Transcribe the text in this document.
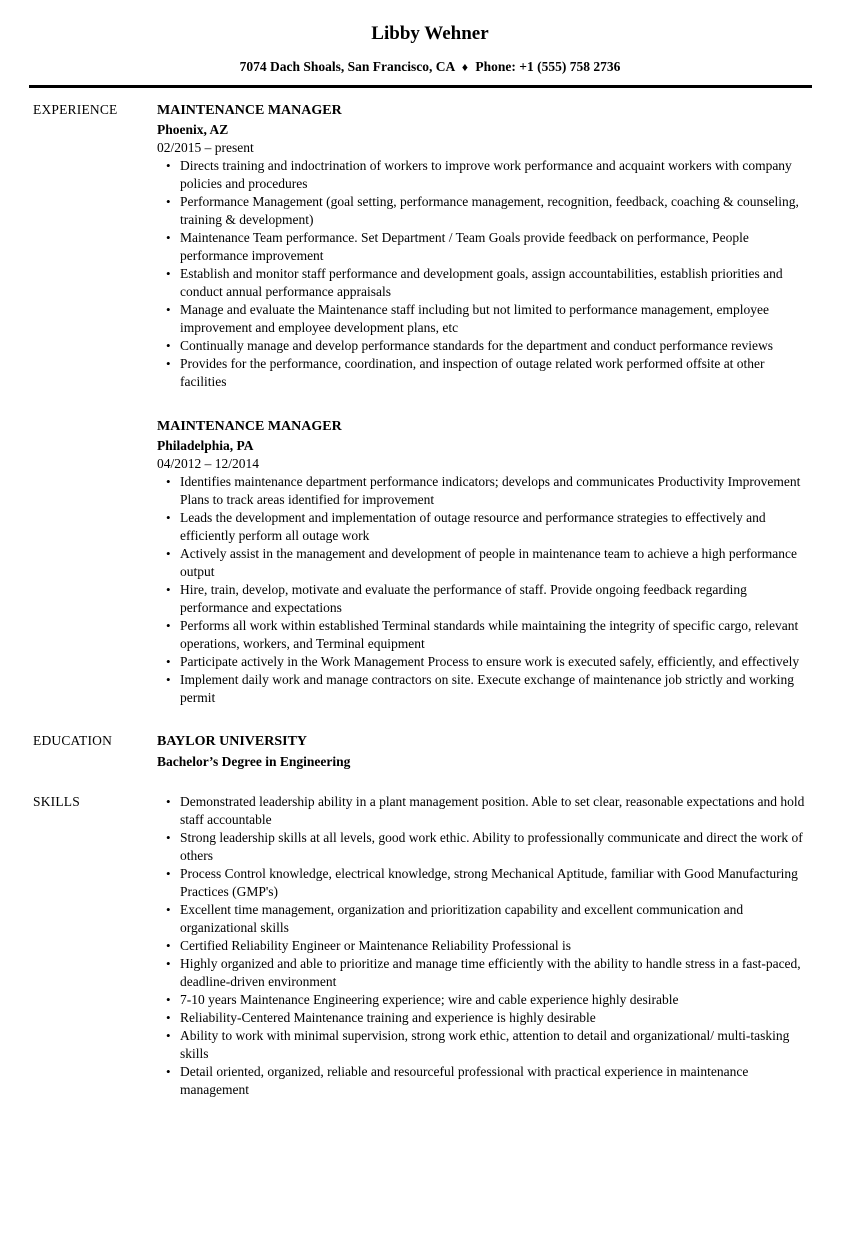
Libby Wehner
7074 Dach Shoals, San Francisco, CA ♦ Phone: +1 (555) 758 2736
EXPERIENCE	MAINTENANCE MANAGER
Phoenix, AZ
02/2015 – present
• Directs training and indoctrination of workers to improve work performance and acquaint workers with company policies and procedures
• Performance Management (goal setting, performance management, recognition, feedback, coaching & counseling, training & development)
• Maintenance Team performance. Set Department / Team Goals provide feedback on performance, People performance improvement
• Establish and monitor staff performance and development goals, assign accountabilities, establish priorities and conduct annual performance appraisals
• Manage and evaluate the Maintenance staff including but not limited to performance management, employee improvement and employee development plans, etc
• Continually manage and develop performance standards for the department and conduct performance reviews
• Provides for the performance, coordination, and inspection of outage related work performed offsite at other facilities
MAINTENANCE MANAGER
Philadelphia, PA
04/2012 – 12/2014
• Identifies maintenance department performance indicators; develops and communicates Productivity Improvement Plans to track areas identified for improvement
• Leads the development and implementation of outage resource and performance strategies to effectively and efficiently perform all outage work
• Actively assist in the management and development of people in maintenance team to achieve a high performance output
• Hire, train, develop, motivate and evaluate the performance of staff. Provide ongoing feedback regarding performance and expectations
• Performs all work within established Terminal standards while maintaining the integrity of specific cargo, relevant operations, workers, and Terminal equipment
• Participate actively in the Work Management Process to ensure work is executed safely, efficiently, and effectively
• Implement daily work and manage contractors on site. Execute exchange of maintenance job strictly and working permit
EDUCATION	BAYLOR UNIVERSITY
Bachelor’s Degree in Engineering
SKILLS	• Demonstrated leadership ability in a plant management position. Able to set clear, reasonable expectations and hold staff accountable
• Strong leadership skills at all levels, good work ethic. Ability to professionally communicate and direct the work of others
• Process Control knowledge, electrical knowledge, strong Mechanical Aptitude, familiar with Good Manufacturing Practices (GMP's)
• Excellent time management, organization and prioritization capability and excellent communication and organizational skills
• Certified Reliability Engineer or Maintenance Reliability Professional is
• Highly organized and able to prioritize and manage time efficiently with the ability to handle stress in a fast-paced, deadline-driven environment
• 7-10 years Maintenance Engineering experience; wire and cable experience highly desirable
• Reliability-Centered Maintenance training and experience is highly desirable
• Ability to work with minimal supervision, strong work ethic, attention to detail and organizational/ multi-tasking skills
• Detail oriented, organized, reliable and resourceful professional with practical experience in maintenance management
